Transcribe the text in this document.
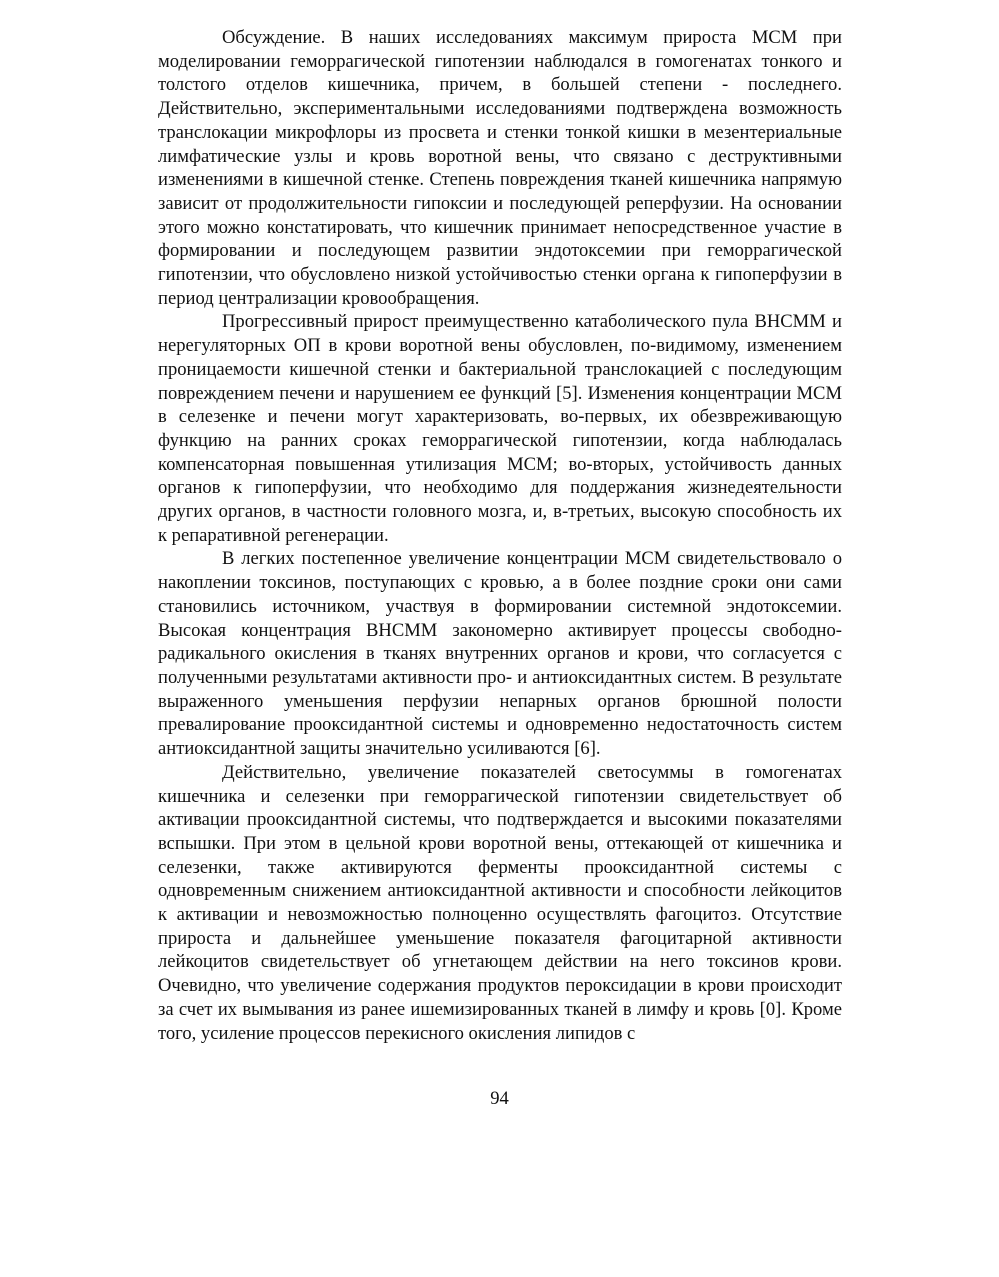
Обсуждение. В наших исследованиях максимум прироста МСМ при моделировании геморрагической гипотензии наблюдался в гомогенатах тонкого и толстого отделов кишечника, причем, в большей степени - последнего. Действительно, экспериментальными исследованиями подтверждена возможность транслокации микрофлоры из просвета и стенки тонкой кишки в мезентериальные лимфатические узлы и кровь воротной вены, что связано с деструктивными изменениями в кишечной стенке. Степень повреждения тканей кишечника напрямую зависит от продолжительности гипоксии и последующей реперфузии. На основании этого можно констатировать, что кишечник принимает непосредственное участие в формировании и последующем развитии эндотоксемии при геморрагической гипотензии, что обусловлено низкой устойчивостью стенки органа к гипоперфузии в период централизации кровообращения.

Прогрессивный прирост преимущественно катаболического пула ВНСММ и нерегуляторных ОП в крови воротной вены обусловлен, по-видимому, изменением проницаемости кишечной стенки и бактериальной транслокацией с последующим повреждением печени и нарушением ее функций [5]. Изменения концентрации МСМ в селезенке и печени могут характеризовать, во-первых, их обезвреживающую функцию на ранних сроках геморрагической гипотензии, когда наблюдалась компенсаторная повышенная утилизация МСМ; во-вторых, устойчивость данных органов к гипоперфузии, что необходимо для поддержания жизнедеятельности других органов, в частности головного мозга, и, в-третьих, высокую способность их к репаративной регенерации.

В легких постепенное увеличение концентрации МСМ свидетельствовало о накоплении токсинов, поступающих с кровью, а в более поздние сроки они сами становились источником, участвуя в формировании системной эндотоксемии. Высокая концентрация ВНСММ закономерно активирует процессы свободно-радикального окисления в тканях внутренних органов и крови, что согласуется с полученными результатами активности про- и антиоксидантных систем. В результате выраженного уменьшения перфузии непарных органов брюшной полости превалирование прооксидантной системы и одновременно недостаточность систем антиоксидантной защиты значительно усиливаются [6].

Действительно, увеличение показателей светосуммы в гомогенатах кишечника и селезенки при геморрагической гипотензии свидетельствует об активации прооксидантной системы, что подтверждается и высокими показателями вспышки. При этом в цельной крови воротной вены, оттекающей от кишечника и селезенки, также активируются ферменты прооксидантной системы с одновременным снижением антиоксидантной активности и способности лейкоцитов к активации и невозможностью полноценно осуществлять фагоцитоз. Отсутствие прироста и дальнейшее уменьшение показателя фагоцитарной активности лейкоцитов свидетельствует об угнетающем действии на него токсинов крови. Очевидно, что увеличение содержания продуктов пероксидации в крови происходит за счет их вымывания из ранее ишемизированных тканей в лимфу и кровь [0]. Кроме того, усиление процессов перекисного окисления липидов с

94
